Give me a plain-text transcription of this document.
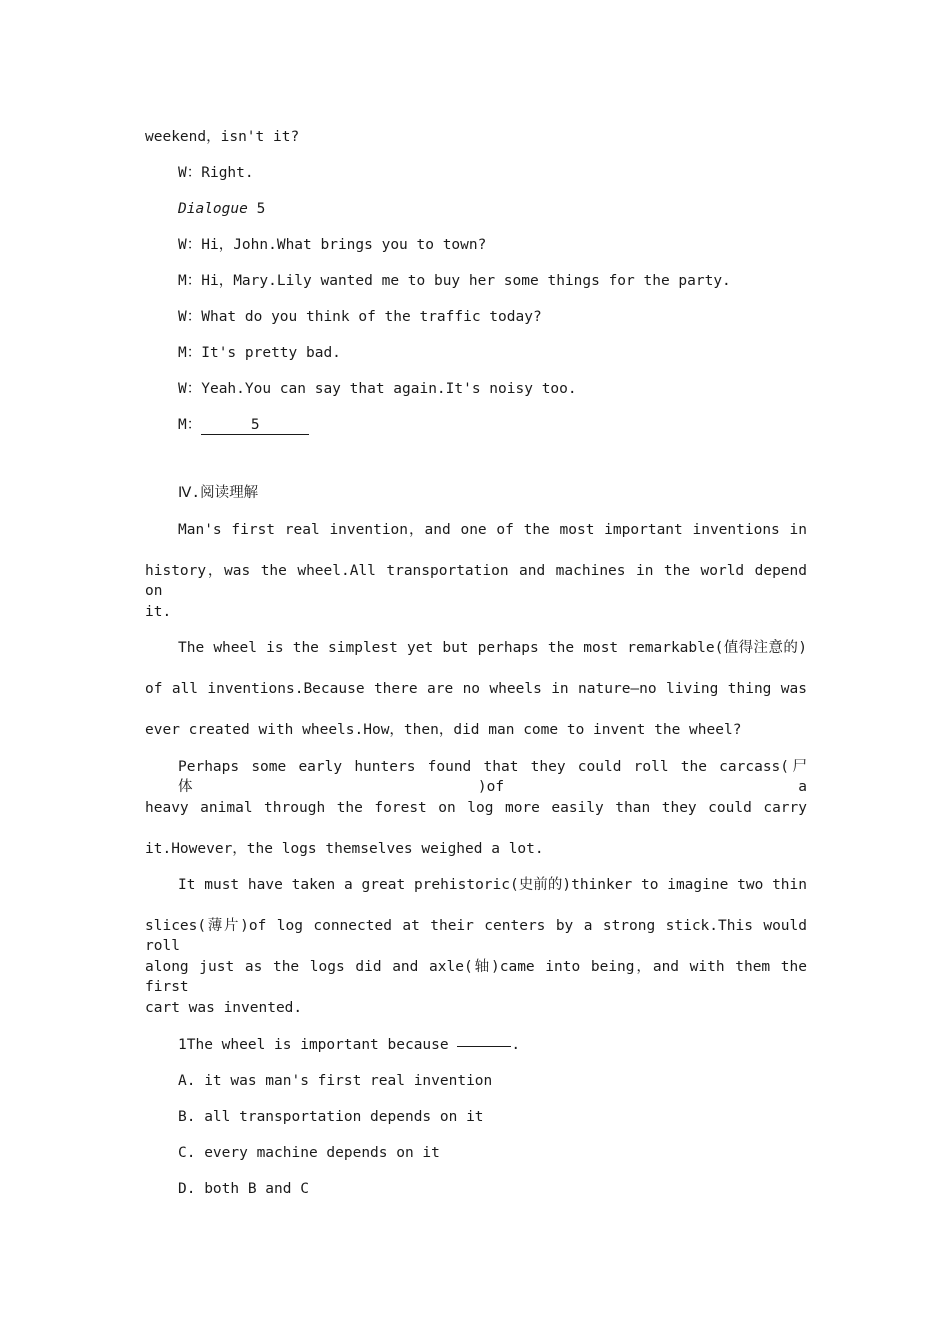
weekend，isn't it?
W：Right.
Dialogue 5
W：Hi，John.What brings you to town?
M：Hi，Mary.Lily wanted me to buy her some things for the party.
W：What do you think of the traffic today?
M：It's pretty bad.
W：Yeah.You can say that again.It's noisy too.
M：	5
Ⅳ.阅读理解
Man's first real invention，and one of the most important inventions in
history，was the wheel.All transportation and machines in the world depend on
it.
The wheel is the simplest yet but perhaps the most remarkable(值得注意的)
of all inventions.Because there are no wheels in nature—no living thing was
ever created with wheels.How，then，did man come to invent the wheel?
Perhaps some early hunters found that they could roll the carcass(尸体)of a
heavy animal through the forest on log more easily than they could carry
it.However，the logs themselves weighed a lot.
It must have taken a great prehistoric(史前的)thinker to imagine two thin
slices(薄片)of log connected at their centers by a strong stick.This would roll
along just as the logs did and axle(轴)came into being，and with them the first
cart was invented.
1The wheel is important because	.
A. it was man's first real invention
B. all transportation depends on it
C. every machine depends on it
D. both B and C
